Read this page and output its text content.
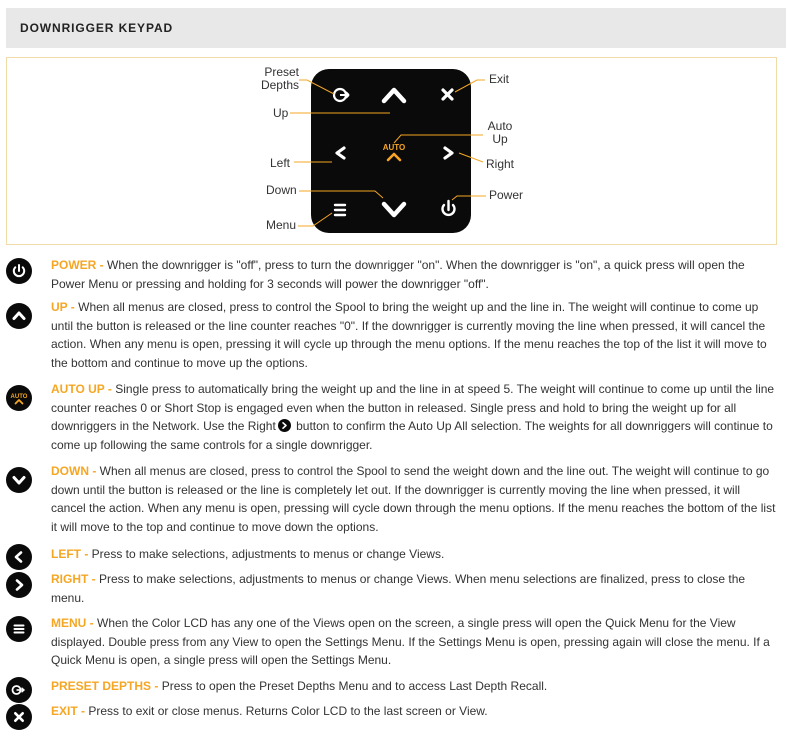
DOWNRIGGER KEYPAD
AUTO
Preset
Depths	Exit
Up
Auto
Up
Left	Right
Down	Power
Menu
POWER - When the downrigger is "off", press to turn the downrigger "on". When the downrigger is "on", a quick press will open the Power Menu or pressing and holding for 3 seconds will power the downrigger "off".
UP - When all menus are closed, press to control the Spool to bring the weight up and the line in. The weight will continue to come up until the button is released or the line counter reaches "0". If the downrigger is currently moving the line when pressed, it will cancel the action. When any menu is open, pressing it will cycle up through the menu options. If the menu reaches the top of the list it will move to the bottom and continue to move up the options.
AUTO
AUTO UP - Single press to automatically bring the weight up and the line in at speed 5. The weight will continue to come up until the line counter reaches 0 or Short Stop is engaged even when the button in released. Single press and hold to bring the weight up for all downriggers in the Network. Use the Right button to confirm the Auto Up All selection. The weights for all downriggers will continue to come up following the same controls for a single downrigger.
DOWN - When all menus are closed, press to control the Spool to send the weight down and the line out. The weight will continue to go down until the button is released or the line is completely let out. If the downrigger is currently moving the line when pressed, it will cancel the action. When any menu is open, pressing will cycle down through the menu options. If the menu reaches the bottom of the list it will move to the top and continue to move down the options.
LEFT - Press to make selections, adjustments to menus or change Views.
RIGHT - Press to make selections, adjustments to menus or change Views. When menu selections are finalized, press to close the menu.
MENU - When the Color LCD has any one of the Views open on the screen, a single press will open the Quick Menu for the View displayed. Double press from any View to open the Settings Menu. If the Settings Menu is open, pressing again will close the menu. If a Quick Menu is open, a single press will open the Settings Menu.
PRESET DEPTHS - Press to open the Preset Depths Menu and to access Last Depth Recall.
EXIT - Press to exit or close menus. Returns Color LCD to the last screen or View.
